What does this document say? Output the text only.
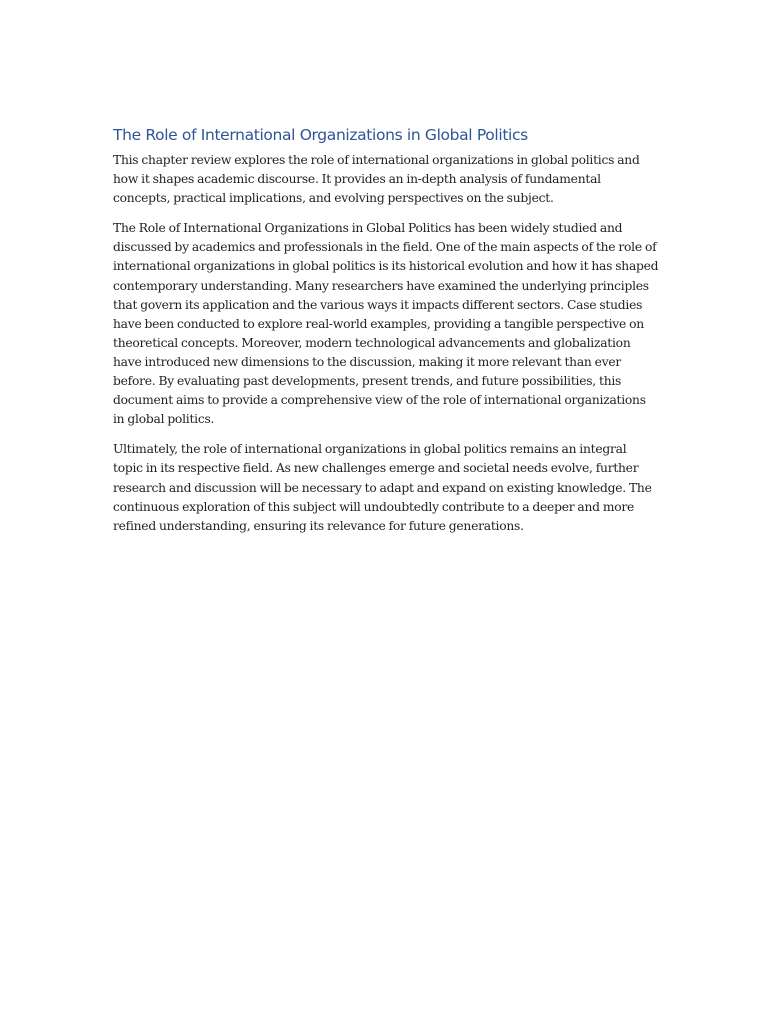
The Role of International Organizations in Global Politics

This chapter review explores the role of international organizations in global politics and how it shapes academic discourse. It provides an in-depth analysis of fundamental concepts, practical implications, and evolving perspectives on the subject.

The Role of International Organizations in Global Politics has been widely studied and discussed by academics and professionals in the field. One of the main aspects of the role of international organizations in global politics is its historical evolution and how it has shaped contemporary understanding. Many researchers have examined the underlying principles that govern its application and the various ways it impacts different sectors. Case studies have been conducted to explore real-world examples, providing a tangible perspective on theoretical concepts. Moreover, modern technological advancements and globalization have introduced new dimensions to the discussion, making it more relevant than ever before. By evaluating past developments, present trends, and future possibilities, this document aims to provide a comprehensive view of the role of international organizations in global politics.

Ultimately, the role of international organizations in global politics remains an integral topic in its respective field. As new challenges emerge and societal needs evolve, further research and discussion will be necessary to adapt and expand on existing knowledge. The continuous exploration of this subject will undoubtedly contribute to a deeper and more refined understanding, ensuring its relevance for future generations.
